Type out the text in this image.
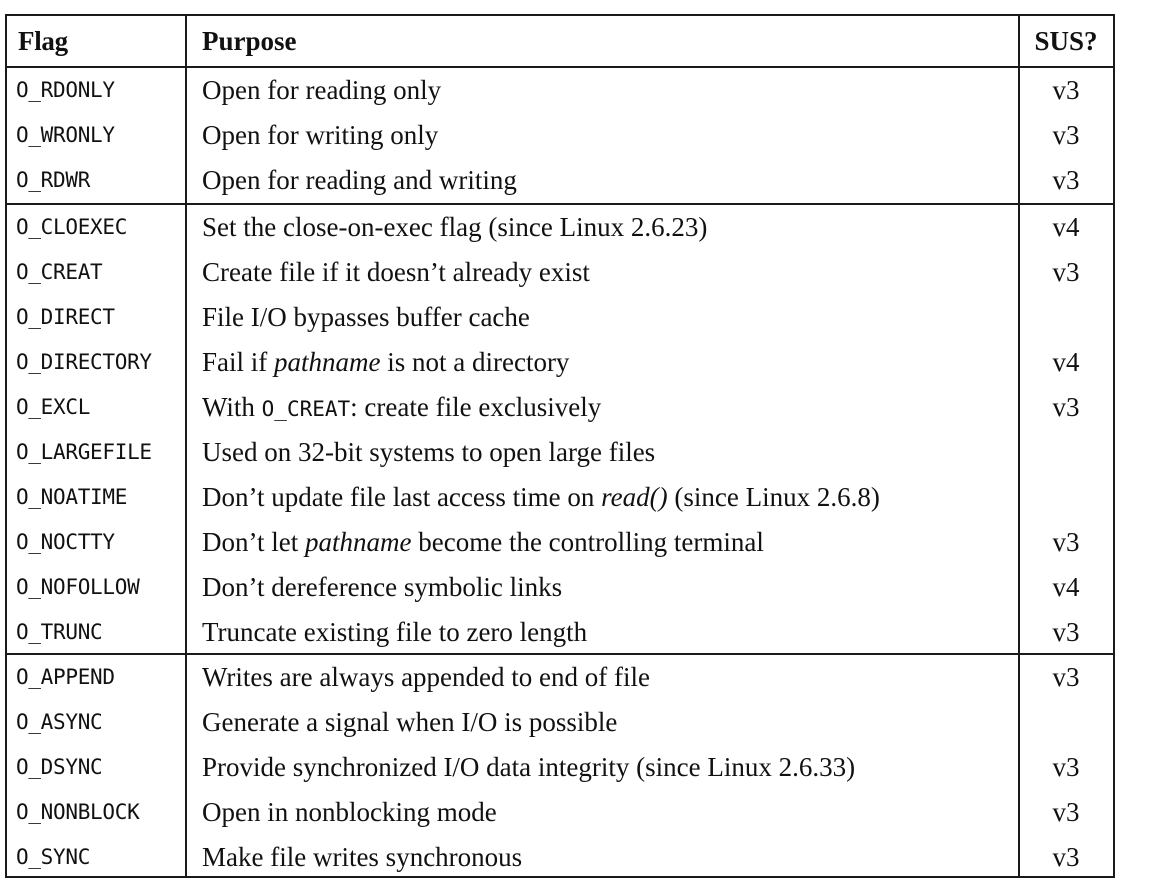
Flag	Purpose	SUS?
O_RDONLY	Open for reading only	v3
O_WRONLY	Open for writing only	v3
O_RDWR	Open for reading and writing	v3
O_CLOEXEC	Set the close-on-exec flag (since Linux 2.6.23)	v4
O_CREAT	Create file if it doesn’t already exist	v3
O_DIRECT	File I/O bypasses buffer cache
O_DIRECTORY Fail if pathname is not a directory	v4
O_EXCL	With O_CREAT: create file exclusively	v3
O_LARGEFILE Used on 32-bit systems to open large files
O_NOATIME	Don’t update file last access time on read() (since Linux 2.6.8)
O_NOCTTY	Don’t let pathname become the controlling terminal	v3
O_NOFOLLOW Don’t dereference symbolic links	v4
O_TRUNC	Truncate existing file to zero length	v3
O_APPEND	Writes are always appended to end of file	v3
O_ASYNC	Generate a signal when I/O is possible
O_DSYNC	Provide synchronized I/O data integrity (since Linux 2.6.33)	v3
O_NONBLOCK Open in nonblocking mode	v3
O_SYNC	Make file writes synchronous	v3
